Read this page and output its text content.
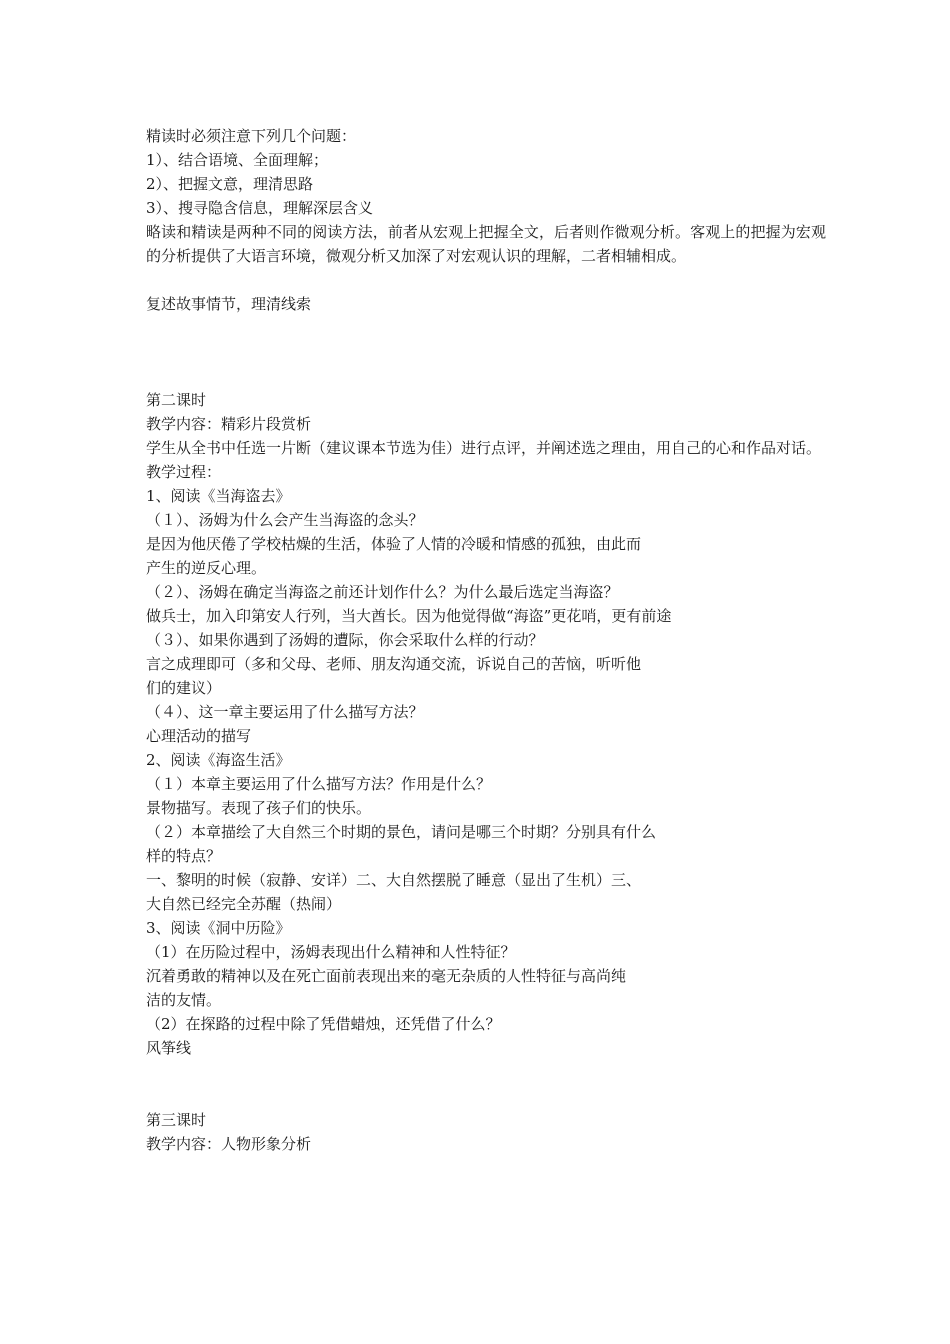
精读时必须注意下列几个问题：
1）、结合语境、全面理解；
2）、把握文意，理清思路
3）、搜寻隐含信息，理解深层含义
略读和精读是两种不同的阅读方法，前者从宏观上把握全文，后者则作微观分析。客观上的把握为宏观的分析提供了大语言环境，微观分析又加深了对宏观认识的理解，二者相辅相成。
复述故事情节，理清线索
第二课时
教学内容：精彩片段赏析
学生从全书中任选一片断（建议课本节选为佳）进行点评，并阐述选之理由，用自己的心和作品对话。
教学过程：
1、阅读《当海盗去》
（１）、汤姆为什么会产生当海盗的念头？
是因为他厌倦了学校枯燥的生活，体验了人情的冷暖和情感的孤独，由此而
产生的逆反心理。
（２）、汤姆在确定当海盗之前还计划作什么？为什么最后选定当海盗？
做兵士，加入印第安人行列，当大酋长。因为他觉得做“海盗”更花哨，更有前途
（３）、如果你遇到了汤姆的遭际，你会采取什么样的行动？
言之成理即可（多和父母、老师、朋友沟通交流，诉说自己的苦恼，听听他
们的建议）
（４）、这一章主要运用了什么描写方法？
心理活动的描写
2、阅读《海盗生活》
（１）本章主要运用了什么描写方法？作用是什么？
景物描写。表现了孩子们的快乐。
（２）本章描绘了大自然三个时期的景色，请问是哪三个时期？分别具有什么
样的特点？
一、黎明的时候（寂静、安详）二、大自然摆脱了睡意（显出了生机）三、
大自然已经完全苏醒（热闹）
3、阅读《洞中历险》
（1）在历险过程中，汤姆表现出什么精神和人性特征？
沉着勇敢的精神以及在死亡面前表现出来的毫无杂质的人性特征与高尚纯
洁的友情。
（2）在探路的过程中除了凭借蜡烛，还凭借了什么？
风筝线
第三课时
教学内容：人物形象分析
